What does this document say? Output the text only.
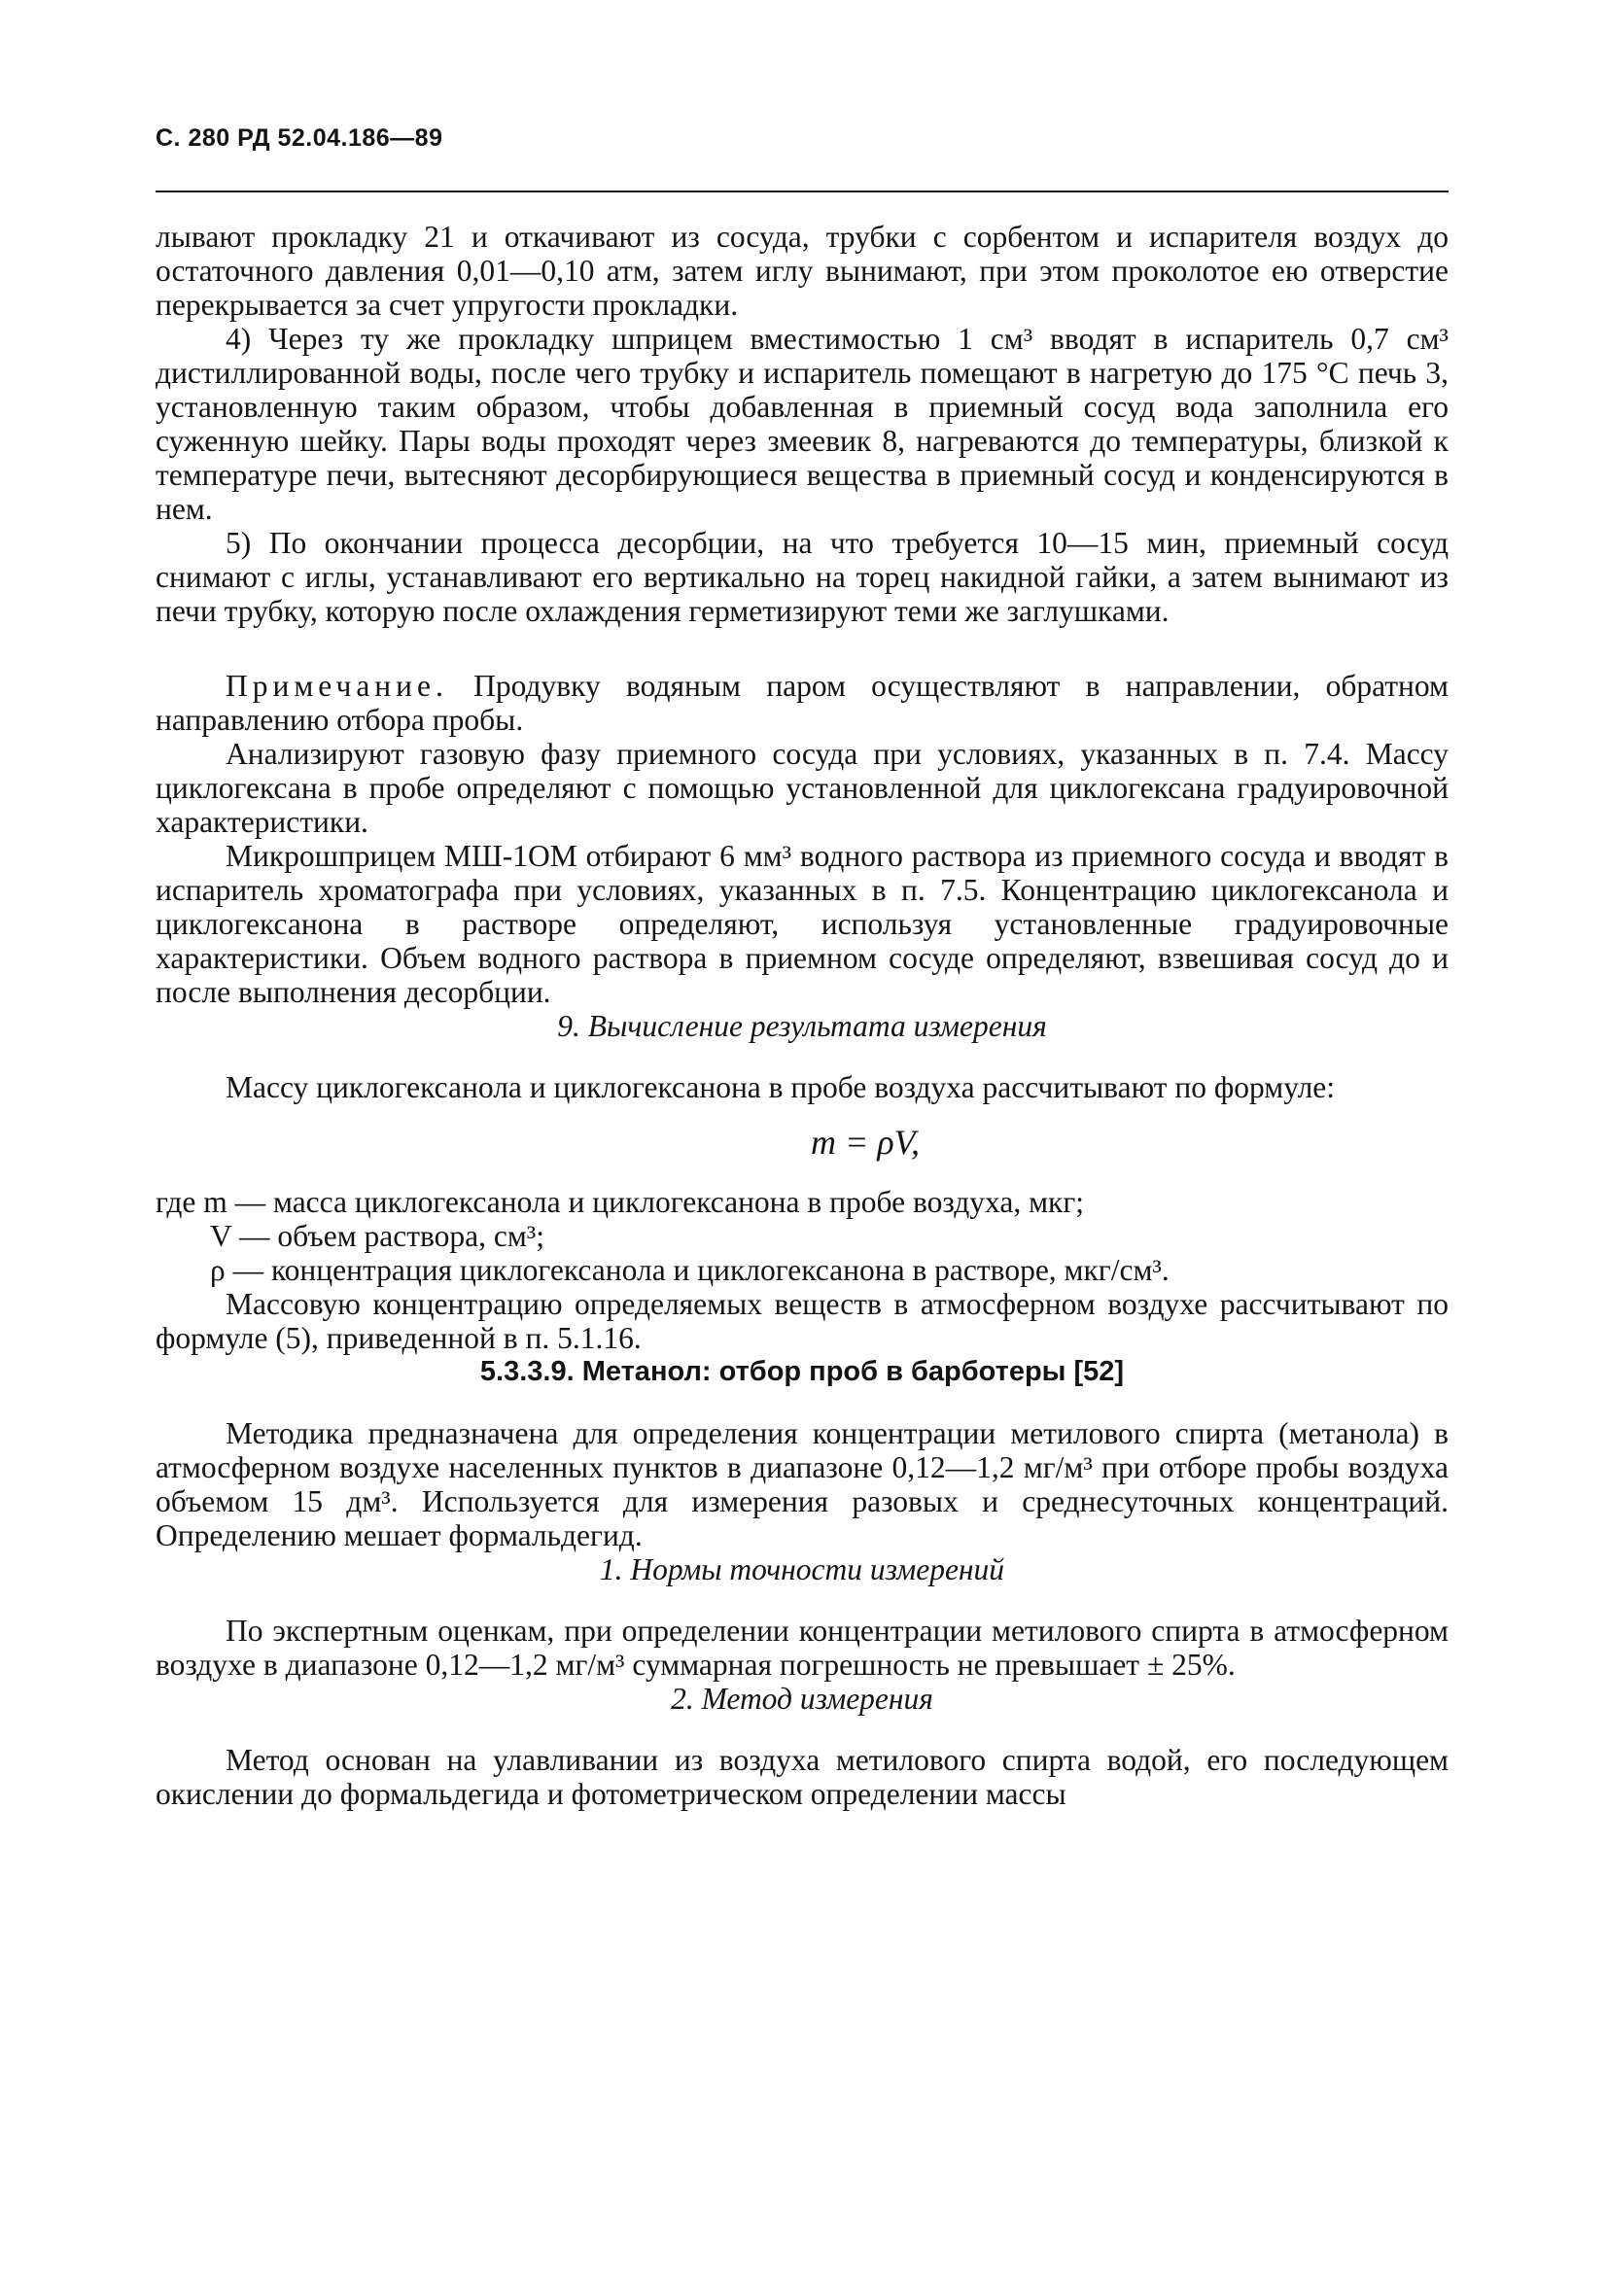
С. 280 РД 52.04.186—89

лывают прокладку 21 и откачивают из сосуда, трубки с сорбентом и испарителя воздух до остаточного давления 0,01—0,10 атм, затем иглу вынимают, при этом проколотое ею отверстие перекрывается за счет упругости прокладки.

4) Через ту же прокладку шприцем вместимостью 1 см³ вводят в испаритель 0,7 см³ дистиллированной воды, после чего трубку и испаритель помещают в нагретую до 175 °С печь 3, установленную таким образом, чтобы добавленная в приемный сосуд вода заполнила его суженную шейку. Пары воды проходят через змеевик 8, нагреваются до температуры, близкой к температуре печи, вытесняют десорбирующиеся вещества в приемный сосуд и конденсируются в нем.

5) По окончании процесса десорбции, на что требуется 10—15 мин, приемный сосуд снимают с иглы, устанавливают его вертикально на торец накидной гайки, а затем вынимают из печи трубку, которую после охлаждения герметизируют теми же заглушками.

Примечание. Продувку водяным паром осуществляют в направлении, обратном направлению отбора пробы.

Анализируют газовую фазу приемного сосуда при условиях, указанных в п. 7.4. Массу циклогексана в пробе определяют с помощью установленной для циклогексана градуировочной характеристики.

Микрошприцем МШ-1ОМ отбирают 6 мм³ водного раствора из приемного сосуда и вводят в испаритель хроматографа при условиях, указанных в п. 7.5. Концентрацию циклогексанола и циклогексанона в растворе определяют, используя установленные градуировочные характеристики. Объем водного раствора в приемном сосуде определяют, взвешивая сосуд до и после выполнения десорбции.

9. Вычисление результата измерения

Массу циклогексанола и циклогексанона в пробе воздуха рассчитывают по формуле:

m = ρV,

где m — масса циклогексанола и циклогексанона в пробе воздуха, мкг;

V — объем раствора, см³;

ρ — концентрация циклогексанола и циклогексанона в растворе, мкг/см³.

Массовую концентрацию определяемых веществ в атмосферном воздухе рассчитывают по формуле (5), приведенной в п. 5.1.16.

5.3.3.9. Метанол: отбор проб в барботеры [52]

Методика предназначена для определения концентрации метилового спирта (метанола) в атмосферном воздухе населенных пунктов в диапазоне 0,12—1,2 мг/м³ при отборе пробы воздуха объемом 15 дм³. Используется для измерения разовых и среднесуточных концентраций. Определению мешает формальдегид.

1. Нормы точности измерений

По экспертным оценкам, при определении концентрации метилового спирта в атмосферном воздухе в диапазоне 0,12—1,2 мг/м³ суммарная погрешность не превышает ± 25%.

2. Метод измерения

Метод основан на улавливании из воздуха метилового спирта водой, его последующем окислении до формальдегида и фотометрическом определении массы
